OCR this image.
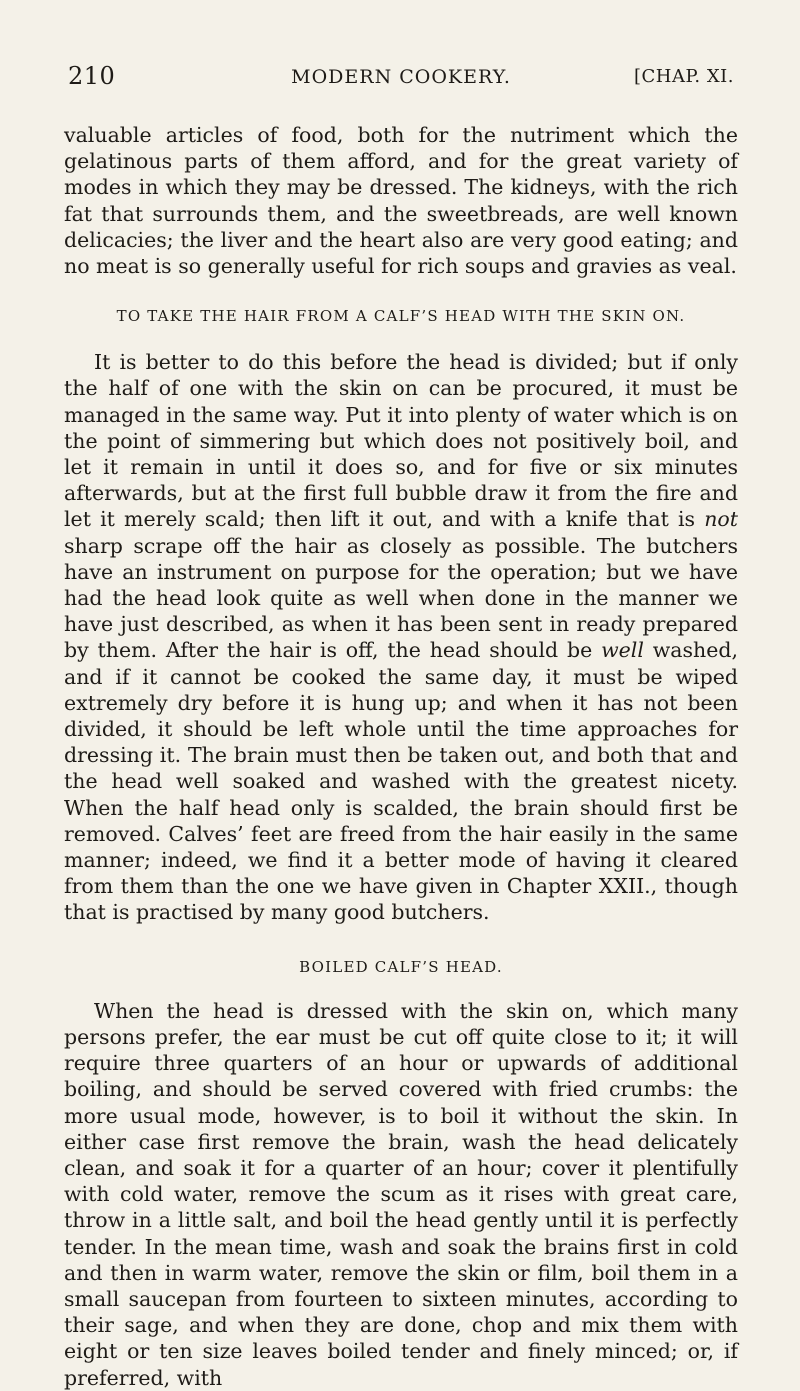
210	MODERN COOKERY.	[CHAP. XI.

valuable articles of food, both for the nutriment which the gelatinous parts of them afford, and for the great variety of modes in which they may be dressed. The kidneys, with the rich fat that surrounds them, and the sweetbreads, are well known delicacies; the liver and the heart also are very good eating; and no meat is so generally useful for rich soups and gravies as veal.

TO TAKE THE HAIR FROM A CALF’S HEAD WITH THE SKIN ON.

It is better to do this before the head is divided; but if only the half of one with the skin on can be procured, it must be managed in the same way. Put it into plenty of water which is on the point of simmering but which does not positively boil, and let it remain in until it does so, and for five or six minutes afterwards, but at the first full bubble draw it from the fire and let it merely scald; then lift it out, and with a knife that is not sharp scrape off the hair as closely as possible. The butchers have an instrument on purpose for the operation; but we have had the head look quite as well when done in the manner we have just described, as when it has been sent in ready prepared by them. After the hair is off, the head should be well washed, and if it cannot be cooked the same day, it must be wiped extremely dry before it is hung up; and when it has not been divided, it should be left whole until the time approaches for dressing it. The brain must then be taken out, and both that and the head well soaked and washed with the greatest nicety. When the half head only is scalded, the brain should first be removed. Calves’ feet are freed from the hair easily in the same manner; indeed, we find it a better mode of having it cleared from them than the one we have given in Chapter XXII., though that is practised by many good butchers.

BOILED CALF’S HEAD.

When the head is dressed with the skin on, which many persons prefer, the ear must be cut off quite close to it; it will require three quarters of an hour or upwards of additional boiling, and should be served covered with fried crumbs: the more usual mode, however, is to boil it without the skin. In either case first remove the brain, wash the head delicately clean, and soak it for a quarter of an hour; cover it plentifully with cold water, remove the scum as it rises with great care, throw in a little salt, and boil the head gently until it is perfectly tender. In the mean time, wash and soak the brains first in cold and then in warm water, remove the skin or film, boil them in a small saucepan from fourteen to sixteen minutes, according to their sage, and when they are done, chop and mix them with eight or ten size leaves boiled tender and finely minced; or, if preferred, with
